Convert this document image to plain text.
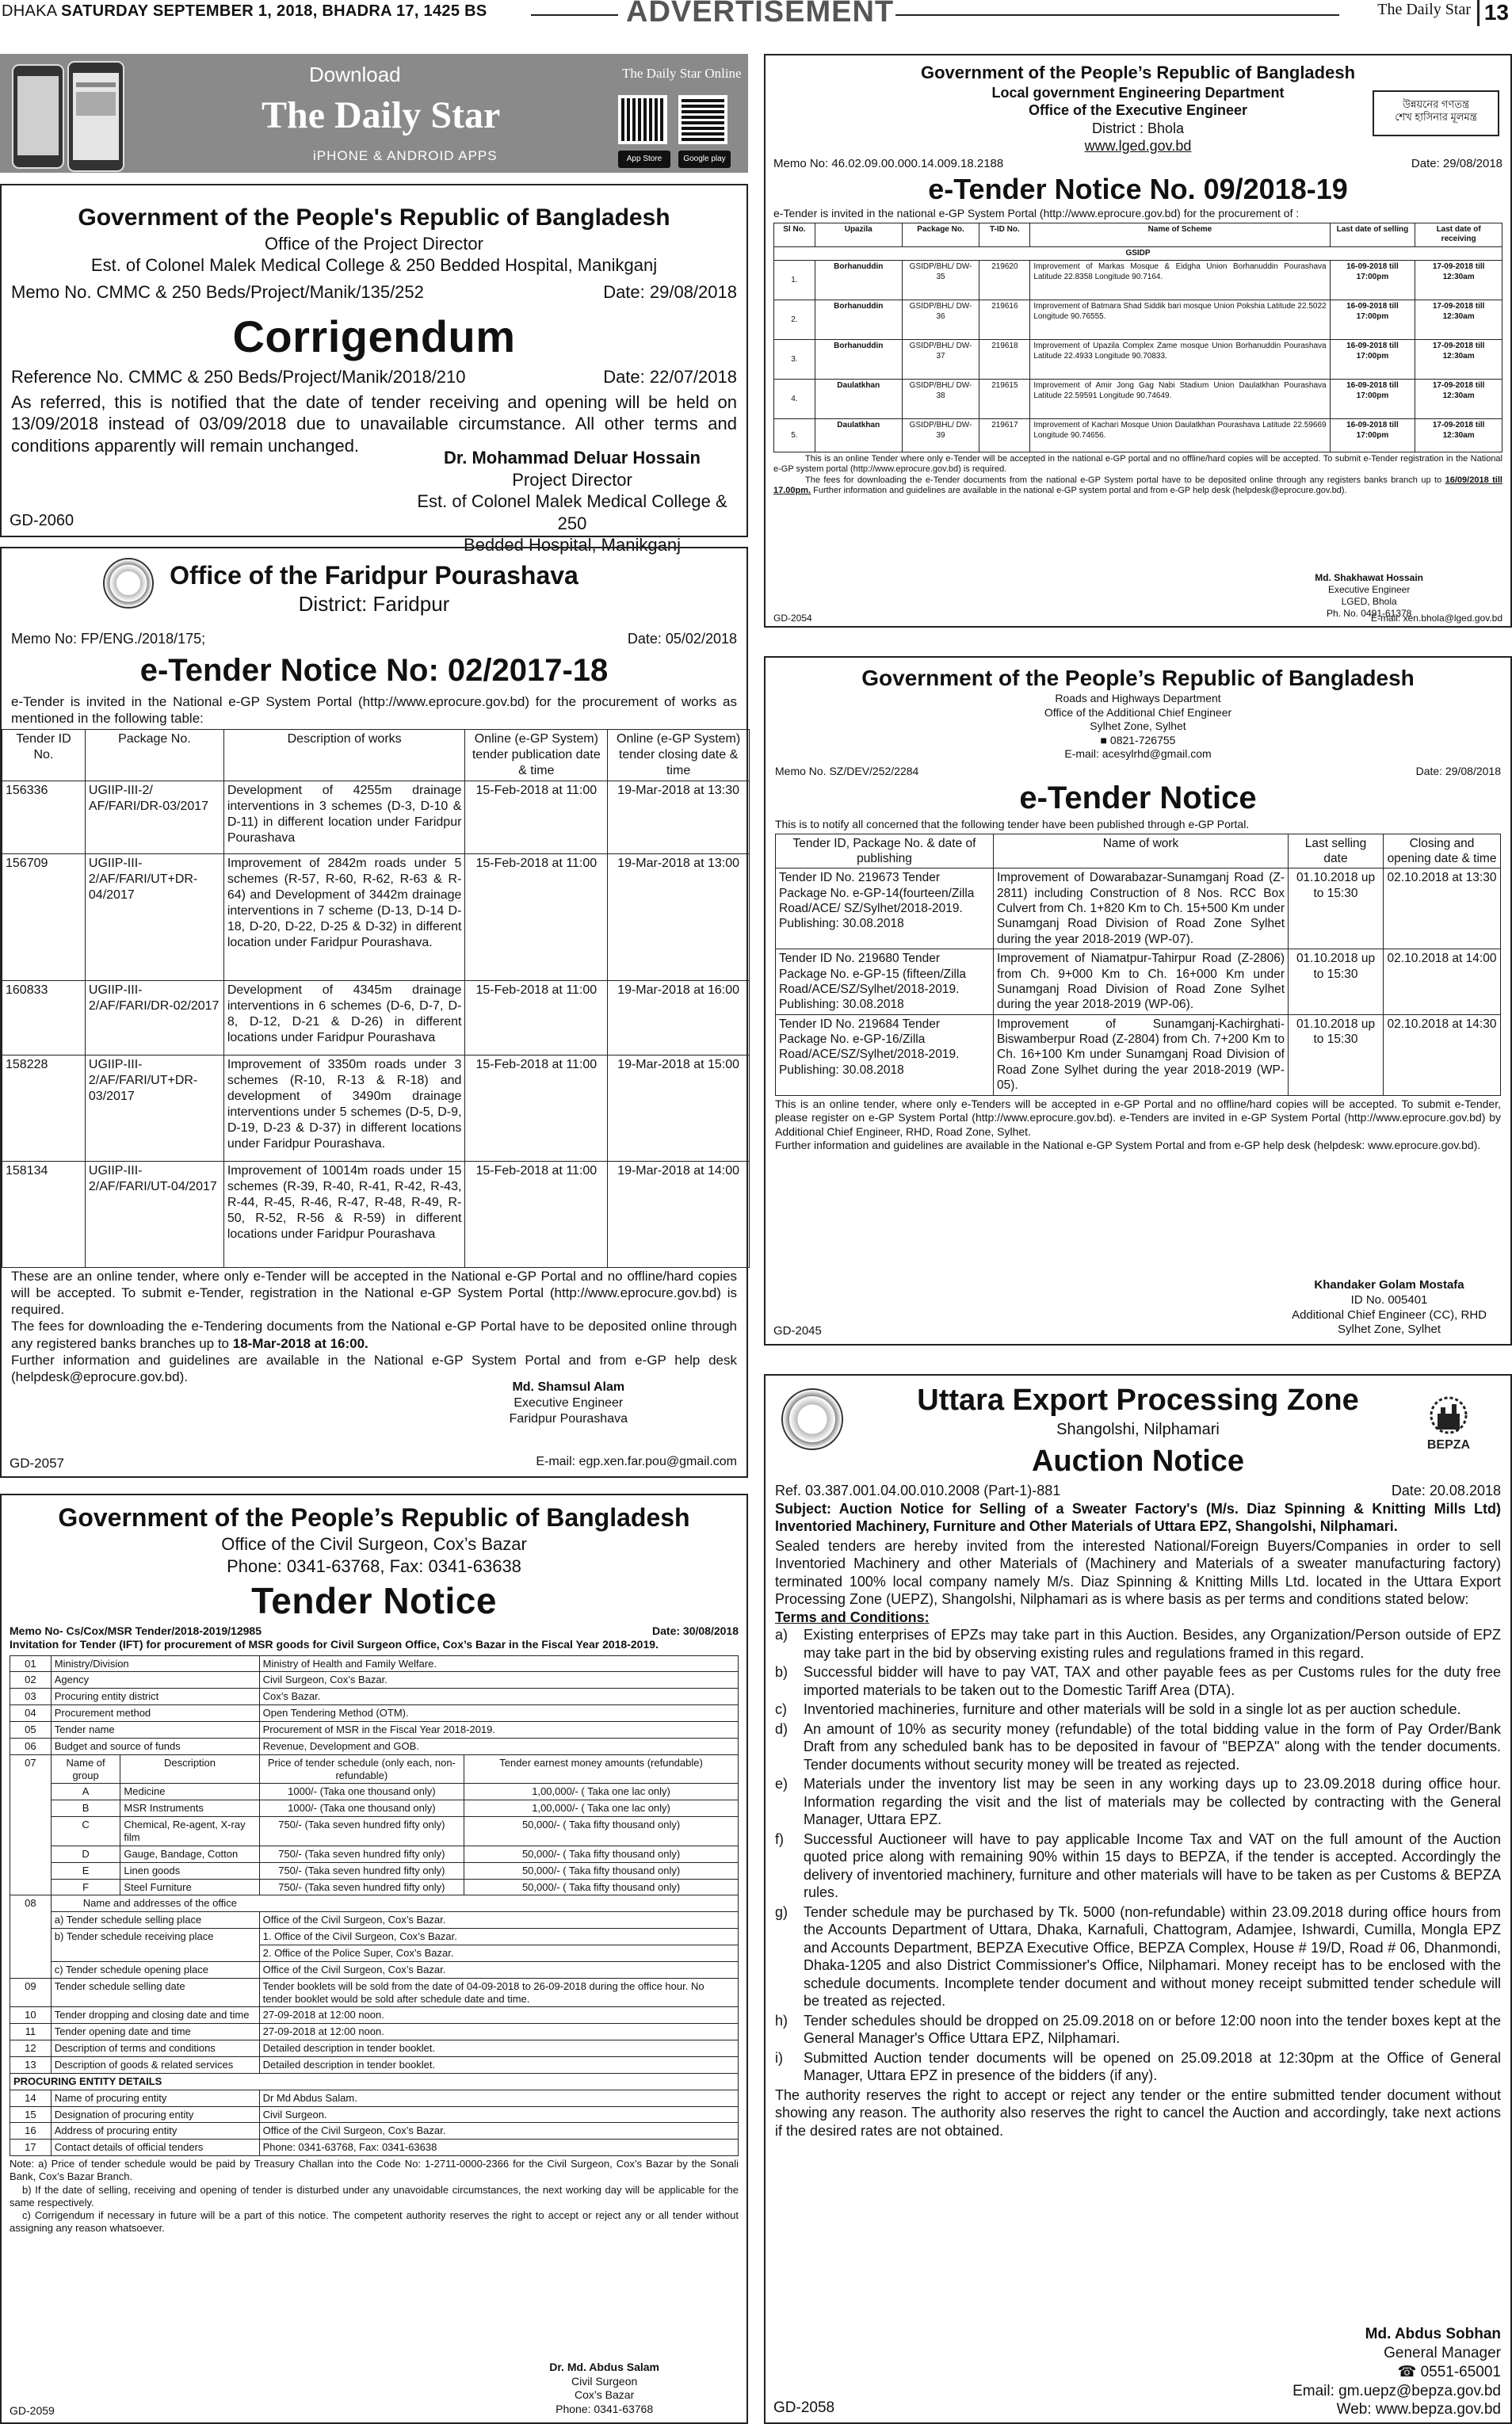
DHAKA SATURDAY SEPTEMBER 1, 2018, BHADRA 17, 1425 BS	ADVERTISEMENT	The Daily Star 13
Download
The Daily Star
iPHONE & ANDROID APPS
The Daily Star Online
App Store	Google play
Government of the People's Republic of Bangladesh
Office of the Project Director
Est. of Colonel Malek Medical College & 250 Bedded Hospital, Manikganj
Memo No. CMMC & 250 Beds/Project/Manik/135/252	Date: 29/08/2018
Corrigendum
Reference No. CMMC & 250 Beds/Project/Manik/2018/210	Date: 22/07/2018
As referred, this is notified that the date of tender receiving and opening will be held on 13/09/2018 instead of 03/09/2018 due to unavailable circumstance. All other terms and conditions apparently will remain unchanged.
Dr. Mohammad Deluar Hossain
Project Director
Est. of Colonel Malek Medical College & 250
Bedded Hospital, Manikganj
GD-2060
Office of the Faridpur Pourashava
District: Faridpur
Memo No: FP/ENG./2018/175;	Date: 05/02/2018
e-Tender Notice No: 02/2017-18
e-Tender is invited in the National e-GP System Portal (http://www.eprocure.gov.bd) for the procurement of works as mentioned in the following table:
Tender ID No.	Package No.	Description of works	Online (e-GP System) tender publication date & time	Online (e-GP System) tender closing date & time
156336	UGIIP-III-2/ AF/FARI/DR-03/2017	Development of 4255m drainage interventions in 3 schemes (D-3, D-10 & D-11) in different location under Faridpur Pourashava	15-Feb-2018 at 11:00	19-Mar-2018 at 13:30
156709	UGIIP-III-2/AF/FARI/UT+DR-04/2017	Improvement of 2842m roads under 5 schemes (R-57, R-60, R-62, R-63 & R-64) and Development of 3442m drainage interventions in 7 scheme (D-13, D-14 D-18, D-20, D-22, D-25 & D-32) in different location under Faridpur Pourashava.	15-Feb-2018 at 11:00	19-Mar-2018 at 13:00
160833	UGIIP-III-2/AF/FARI/DR-02/2017	Development of 4345m drainage interventions in 6 schemes (D-6, D-7, D-8, D-12, D-21 & D-26) in different locations under Faridpur Pourashava	15-Feb-2018 at 11:00	19-Mar-2018 at 16:00
158228	UGIIP-III-2/AF/FARI/UT+DR-03/2017	Improvement of 3350m roads under 3 schemes (R-10, R-13 & R-18) and development of 3490m drainage interventions under 5 schemes (D-5, D-9, D-19, D-23 & D-37) in different locations under Faridpur Pourashava.	15-Feb-2018 at 11:00	19-Mar-2018 at 15:00
158134	UGIIP-III-2/AF/FARI/UT-04/2017	Improvement of 10014m roads under 15 schemes (R-39, R-40, R-41, R-42, R-43, R-44, R-45, R-46, R-47, R-48, R-49, R-50, R-52, R-56 & R-59) in different locations under Faridpur Pourashava	15-Feb-2018 at 11:00	19-Mar-2018 at 14:00
These are an online tender, where only e-Tender will be accepted in the National e-GP Portal and no offline/hard copies will be accepted. To submit e-Tender, registration in the National e-GP System Portal (http://www.eprocure.gov.bd) is required.
The fees for downloading the e-Tendering documents from the National e-GP Portal have to be deposited online through any registered banks branches up to 18-Mar-2018 at 16:00.
Further information and guidelines are available in the National e-GP System Portal and from e-GP help desk (helpdesk@eprocure.gov.bd).
Md. Shamsul Alam
Executive Engineer
Faridpur Pourashava
E-mail: egp.xen.far.pou@gmail.com
GD-2057
Government of the People’s Republic of Bangladesh
Office of the Civil Surgeon, Cox’s Bazar
Phone: 0341-63768, Fax: 0341-63638
Tender Notice
Memo No- Cs/Cox/MSR Tender/2018-2019/12985	Date: 30/08/2018
Invitation for Tender (IFT) for procurement of MSR goods for Civil Surgeon Office, Cox’s Bazar in the Fiscal Year 2018-2019.
01	Ministry/Division		Ministry of Health and Family Welfare.	
02	Agency		Civil Surgeon, Cox’s Bazar.	
03	Procuring entity district		Cox’s Bazar.	
04	Procurement method		Open Tendering Method (OTM).	
05	Tender name		Procurement of MSR in the Fiscal Year 2018-2019.	
06	Budget and source of funds		Revenue, Development and GOB.	
07	Name of group	Description	Price of tender schedule (only each, non-refundable)	Tender earnest money amounts (refundable)
	A	Medicine	1000/- (Taka one thousand only)	1,00,000/- ( Taka one lac only)
	B	MSR Instruments	1000/- (Taka one thousand only)	1,00,000/- ( Taka one lac only)
	C	Chemical, Re-agent, X-ray film	750/- (Taka seven hundred fifty only)	50,000/- ( Taka fifty thousand only)
	D	Gauge, Bandage, Cotton	750/- (Taka seven hundred fifty only)	50,000/- ( Taka fifty thousand only)
	E	Linen goods	750/- (Taka seven hundred fifty only)	50,000/- ( Taka fifty thousand only)
	F	Steel Furniture	750/- (Taka seven hundred fifty only)	50,000/- ( Taka fifty thousand only)
08	Name and addresses of the office			
	a) Tender schedule selling place		Office of the Civil Surgeon, Cox’s Bazar.	
	b) Tender schedule receiving place		1. Office of the Civil Surgeon, Cox’s Bazar.	
			2. Office of the Police Super, Cox’s Bazar.	
	c) Tender schedule opening place		Office of the Civil Surgeon, Cox’s Bazar.	
09	Tender schedule selling date		Tender booklets will be sold from the date of 04-09-2018 to 26-09-2018 during the office hour. No tender booklet would be sold after schedule date and time.	
10	Tender dropping and closing date and time		27-09-2018 at 12:00 noon.	
11	Tender opening date and time		27-09-2018 at 12:00 noon.	
12	Description of terms and conditions		Detailed description in tender booklet.	
13	Description of goods & related services		Detailed description in tender booklet.	
PROCURING ENTITY DETAILS				
14	Name of procuring entity		Dr Md Abdus Salam.	
15	Designation of procuring entity		Civil Surgeon.	
16	Address of procuring entity		Office of the Civil Surgeon, Cox’s Bazar.	
17	Contact details of official tenders		Phone: 0341-63768, Fax: 0341-63638	
Note: a) Price of tender schedule would be paid by Treasury Challan into the Code No: 1-2711-0000-2366 for the Civil Surgeon, Cox’s Bazar by the Sonali Bank, Cox’s Bazar Branch.
b) If the date of selling, receiving and opening of tender is disturbed under any unavoidable circumstances, the next working day will be applicable for the same respectively.
c) Corrigendum if necessary in future will be a part of this notice. The competent authority reserves the right to accept or reject any or all tender without assigning any reason whatsoever.
Dr. Md. Abdus Salam
Civil Surgeon
Cox’s Bazar
Phone: 0341-63768
GD-2059
Government of the People’s Republic of Bangladesh
Local government Engineering Department
Office of the Executive Engineer
District : Bhola
www.lged.gov.bd
উন্নয়নের গণতন্ত্র
শেখ হাসিনার মূলমন্ত্র
Memo No: 46.02.09.00.000.14.009.18.2188	Date: 29/08/2018
e-Tender Notice No. 09/2018-19
e-Tender is invited in the national e-GP System Portal (http://www.eprocure.gov.bd) for the procurement of :
Sl No.	Upazila	Package No.	T-ID No.	Name of Scheme	Last date of selling	Last date of receiving
GSIDP						
1.	Borhanuddin	GSIDP/BHL/ DW-35	219620	Improvement of Markas Mosque & Eidgha Union Borhanuddin Pourashava Latitude 22.8358 Longitude 90.7164.	16-09-2018 till 17:00pm	17-09-2018 till 12:30am
2.	Borhanuddin	GSIDP/BHL/ DW-36	219616	Improvement of Batmara Shad Siddik bari mosque Union Pokshia Latitude 22.5022 Longitude 90.76555.	16-09-2018 till 17:00pm	17-09-2018 till 12:30am
3.	Borhanuddin	GSIDP/BHL/ DW-37	219618	Improvement of Upazila Complex Zame mosque Union Borhanuddin Pourashava Latitude 22.4933 Longitude 90.70833.	16-09-2018 till 17:00pm	17-09-2018 till 12:30am
4.	Daulatkhan	GSIDP/BHL/ DW-38	219615	Improvement of Amir Jong Gag Nabi Stadium Union Daulatkhan Pourashava Latitude 22.59591 Longitude 90.74649.	16-09-2018 till 17:00pm	17-09-2018 till 12:30am
5.	Daulatkhan	GSIDP/BHL/ DW-39	219617	Improvement of Kachari Mosque Union Daulatkhan Pourashava Latitude 22.59669 Longitude 90.74656.	16-09-2018 till 17:00pm	17-09-2018 till 12:30am
This is an online Tender where only e-Tender will be accepted in the national e-GP portal and no offline/hard copies will be accepted. To submit e-Tender registration in the National e-GP system portal (http://www.eprocure.gov.bd) is required.
The fees for downloading the e-Tender documents from the national e-GP System portal have to be deposited online through any registers banks branch up to 16/09/2018 till 17.00pm. Further information and guidelines are available in the national e-GP system portal and from e-GP help desk (helpdesk@eprocure.gov.bd).
Md. Shakhawat Hossain
Executive Engineer
LGED, Bhola
Ph. No. 0491-61378
E-mail: xen.bhola@lged.gov.bd
GD-2054
Government of the People’s Republic of Bangladesh
Roads and Highways Department
Office of the Additional Chief Engineer
Sylhet Zone, Sylhet
■ 0821-726755
E-mail: acesylrhd@gmail.com
Memo No. SZ/DEV/252/2284	Date: 29/08/2018
e-Tender Notice
This is to notify all concerned that the following tender have been published through e-GP Portal.
Tender ID, Package No. & date of publishing	Name of work	Last selling date	Closing and opening date & time
Tender ID No. 219673 Tender Package No. e-GP-14(fourteen/Zilla Road/ACE/ SZ/Sylhet/2018-2019. Publishing: 30.08.2018	Improvement of Dowarabazar-Sunamganj Road (Z-2811) including Construction of 8 Nos. RCC Box Culvert from Ch. 1+820 Km to Ch. 15+500 Km under Sunamganj Road Division of Road Zone Sylhet during the year 2018-2019 (WP-07).	01.10.2018 up to 15:30	02.10.2018 at 13:30
Tender ID No. 219680 Tender Package No. e-GP-15 (fifteen/Zilla Road/ACE/SZ/Sylhet/2018-2019. Publishing: 30.08.2018	Improvement of Niamatpur-Tahirpur Road (Z-2806) from Ch. 9+000 Km to Ch. 16+000 Km under Sunamganj Road Division of Road Zone Sylhet during the year 2018-2019 (WP-06).	01.10.2018 up to 15:30	02.10.2018 at 14:00
Tender ID No. 219684 Tender Package No. e-GP-16/Zilla Road/ACE/SZ/Sylhet/2018-2019. Publishing: 30.08.2018	Improvement of Sunamganj-Kachirghati-Biswamberpur Road (Z-2804) from Ch. 7+200 Km to Ch. 16+100 Km under Sunamganj Road Division of Road Zone Sylhet during the year 2018-2019 (WP-05).	01.10.2018 up to 15:30	02.10.2018 at 14:30
This is an online tender, where only e-Tenders will be accepted in e-GP Portal and no offline/hard copies will be accepted. To submit e-Tender, please register on e-GP System Portal (http://www.eprocure.gov.bd). e-Tenders are invited in e-GP System Portal (http://www.eprocure.gov.bd) by Additional Chief Engineer, RHD, Road Zone, Sylhet.
Further information and guidelines are available in the National e-GP System Portal and from e-GP help desk (helpdesk: www.eprocure.gov.bd).
Khandaker Golam Mostafa
ID No. 005401
Additional Chief Engineer (CC), RHD
Sylhet Zone, Sylhet
GD-2045
BEPZA
Uttara Export Processing Zone
Shangolshi, Nilphamari
Auction Notice
Ref. 03.387.001.04.00.010.2008 (Part-1)-881	Date: 20.08.2018
Subject: Auction Notice for Selling of a Sweater Factory's (M/s. Diaz Spinning & Knitting Mills Ltd) Inventoried Machinery, Furniture and Other Materials of Uttara EPZ, Shangolshi, Nilphamari.
Sealed tenders are hereby invited from the interested National/Foreign Buyers/Companies in order to sell Inventoried Machinery and other Materials of (Machinery and Materials of a sweater manufacturing factory) terminated 100% local company namely M/s. Diaz Spinning & Knitting Mills Ltd. located in the Uttara Export Processing Zone (UEPZ), Shangolshi, Nilphamari as is where basis as per terms and conditions stated below:
Terms and Conditions:
a)	Existing enterprises of EPZs may take part in this Auction. Besides, any Organization/Person outside of EPZ may take part in the bid by observing existing rules and regulations framed in this regard.
b)	Successful bidder will have to pay VAT, TAX and other payable fees as per Customs rules for the duty free imported materials to be taken out to the Domestic Tariff Area (DTA).
c)	Inventoried machineries, furniture and other materials will be sold in a single lot as per auction schedule.
d)	An amount of 10% as security money (refundable) of the total bidding value in the form of Pay Order/Bank Draft from any scheduled bank has to be deposited in favour of "BEPZA" along with the tender documents. Tender documents without security money will be treated as rejected.
e)	Materials under the inventory list may be seen in any working days up to 23.09.2018 during office hour. Information regarding the visit and the list of materials may be collected by contracting with the General Manager, Uttara EPZ.
f)	Successful Auctioneer will have to pay applicable Income Tax and VAT on the full amount of the Auction quoted price along with remaining 90% within 15 days to BEPZA, if the tender is accepted. Accordingly the delivery of inventoried machinery, furniture and other materials will have to be taken as per Customs & BEPZA rules.
g)	Tender schedule may be purchased by Tk. 5000 (non-refundable) within 23.09.2018 during office hours from the Accounts Department of Uttara, Dhaka, Karnafuli, Chattogram, Adamjee, Ishwardi, Cumilla, Mongla EPZ and Accounts Department, BEPZA Executive Office, BEPZA Complex, House # 19/D, Road # 06, Dhanmondi, Dhaka-1205 and also District Commissioner's Office, Nilphamari. Money receipt has to be enclosed with the schedule documents. Incomplete tender document and without money receipt submitted tender schedule will be treated as rejected.
h)	Tender schedules should be dropped on 25.09.2018 on or before 12:00 noon into the tender boxes kept at the General Manager's Office Uttara EPZ, Nilphamari.
i)	Submitted Auction tender documents will be opened on 25.09.2018 at 12:30pm at the Office of General Manager, Uttara EPZ in presence of the bidders (if any).
The authority reserves the right to accept or reject any tender or the entire submitted tender document without showing any reason. The authority also reserves the right to cancel the Auction and accordingly, take next actions if the desired rates are not obtained.
Md. Abdus Sobhan
General Manager
☎ 0551-65001
Email: gm.uepz@bepza.gov.bd
Web: www.bepza.gov.bd
GD-2058
